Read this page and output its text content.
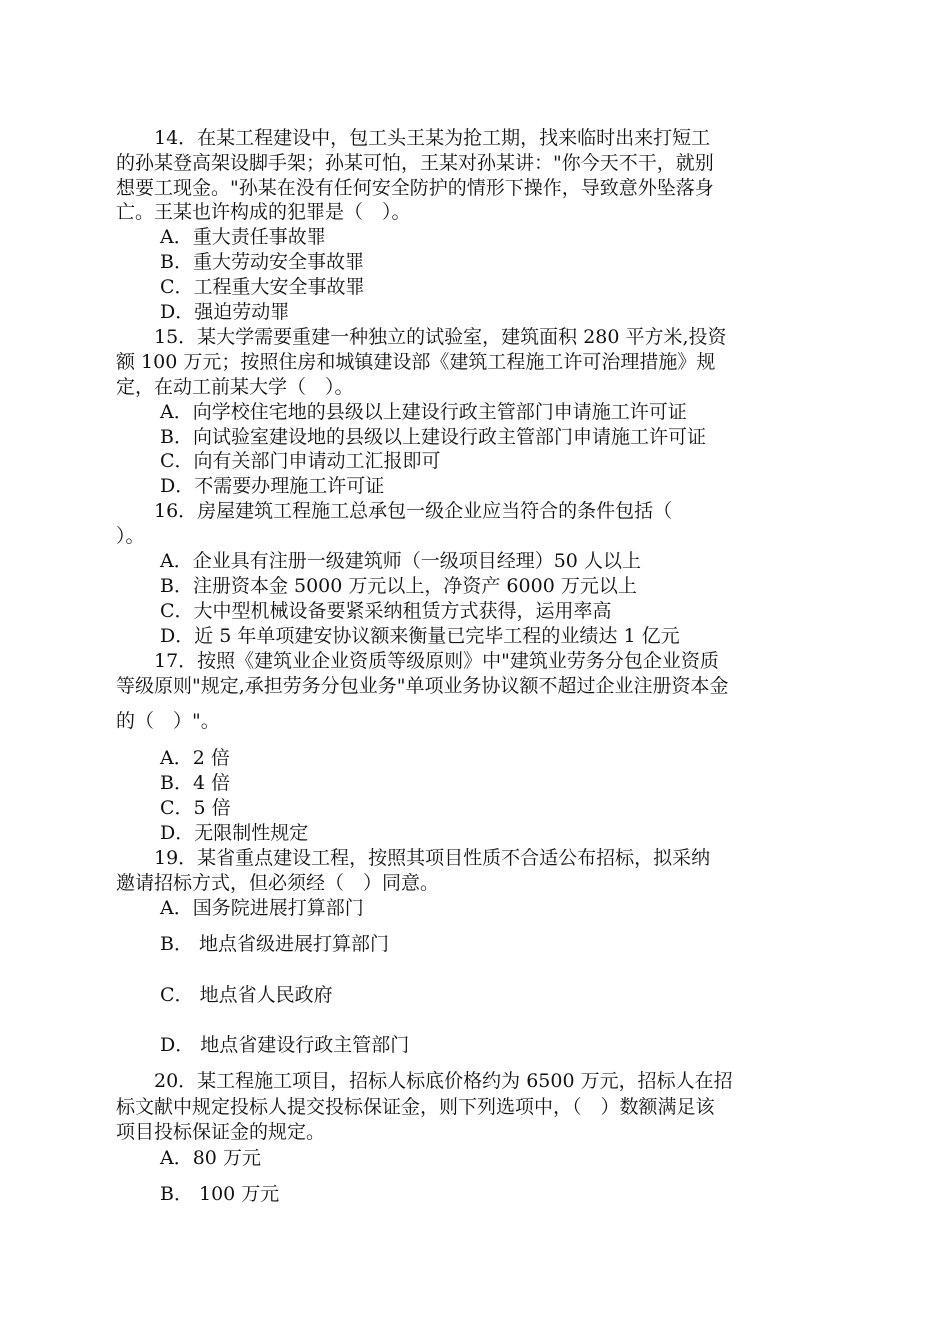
　　14．在某工程建设中，包工头王某为抢工期，找来临时出来打短工
的孙某登高架设脚手架；孙某可怕，王某对孙某讲："你今天不干，就别
想要工现金。"孙某在没有任何安全防护的情形下操作，导致意外坠落身
亡。王某也许构成的犯罪是（　）。
A．重大责任事故罪
B．重大劳动安全事故罪
C．工程重大安全事故罪
D．强迫劳动罪
　　15．某大学需要重建一种独立的试验室，建筑面积 280 平方米,投资
额 100 万元；按照住房和城镇建设部《建筑工程施工许可治理措施》规
定，在动工前某大学（　）。
A．向学校住宅地的县级以上建设行政主管部门申请施工许可证
B．向试验室建设地的县级以上建设行政主管部门申请施工许可证
C．向有关部门申请动工汇报即可
D．不需要办理施工许可证
　　16．房屋建筑工程施工总承包一级企业应当符合的条件包括（
）。
A．企业具有注册一级建筑师（一级项目经理）50 人以上
B．注册资本金 5000 万元以上，净资产 6000 万元以上
C．大中型机械设备要紧采纳租赁方式获得，运用率高
D．近 5 年单项建安协议额来衡量已完毕工程的业绩达 1 亿元
　　17．按照《建筑业企业资质等级原则》中"建筑业劳务分包企业资质
等级原则"规定,承担劳务分包业务"单项业务协议额不超过企业注册资本金
的（　）"。
A．2 倍
B．4 倍
C．5 倍
D．无限制性规定
　　19．某省重点建设工程，按照其项目性质不合适公布招标，拟采纳
邀请招标方式，但必须经（　）同意。
A．国务院进展打算部门
B． 地点省级进展打算部门
C． 地点省人民政府
D． 地点省建设行政主管部门
　　20．某工程施工项目，招标人标底价格约为 6500 万元，招标人在招
标文献中规定投标人提交投标保证金，则下列选项中，（　）数额满足该
项目投标保证金的规定。
A．80 万元
B． 100 万元
